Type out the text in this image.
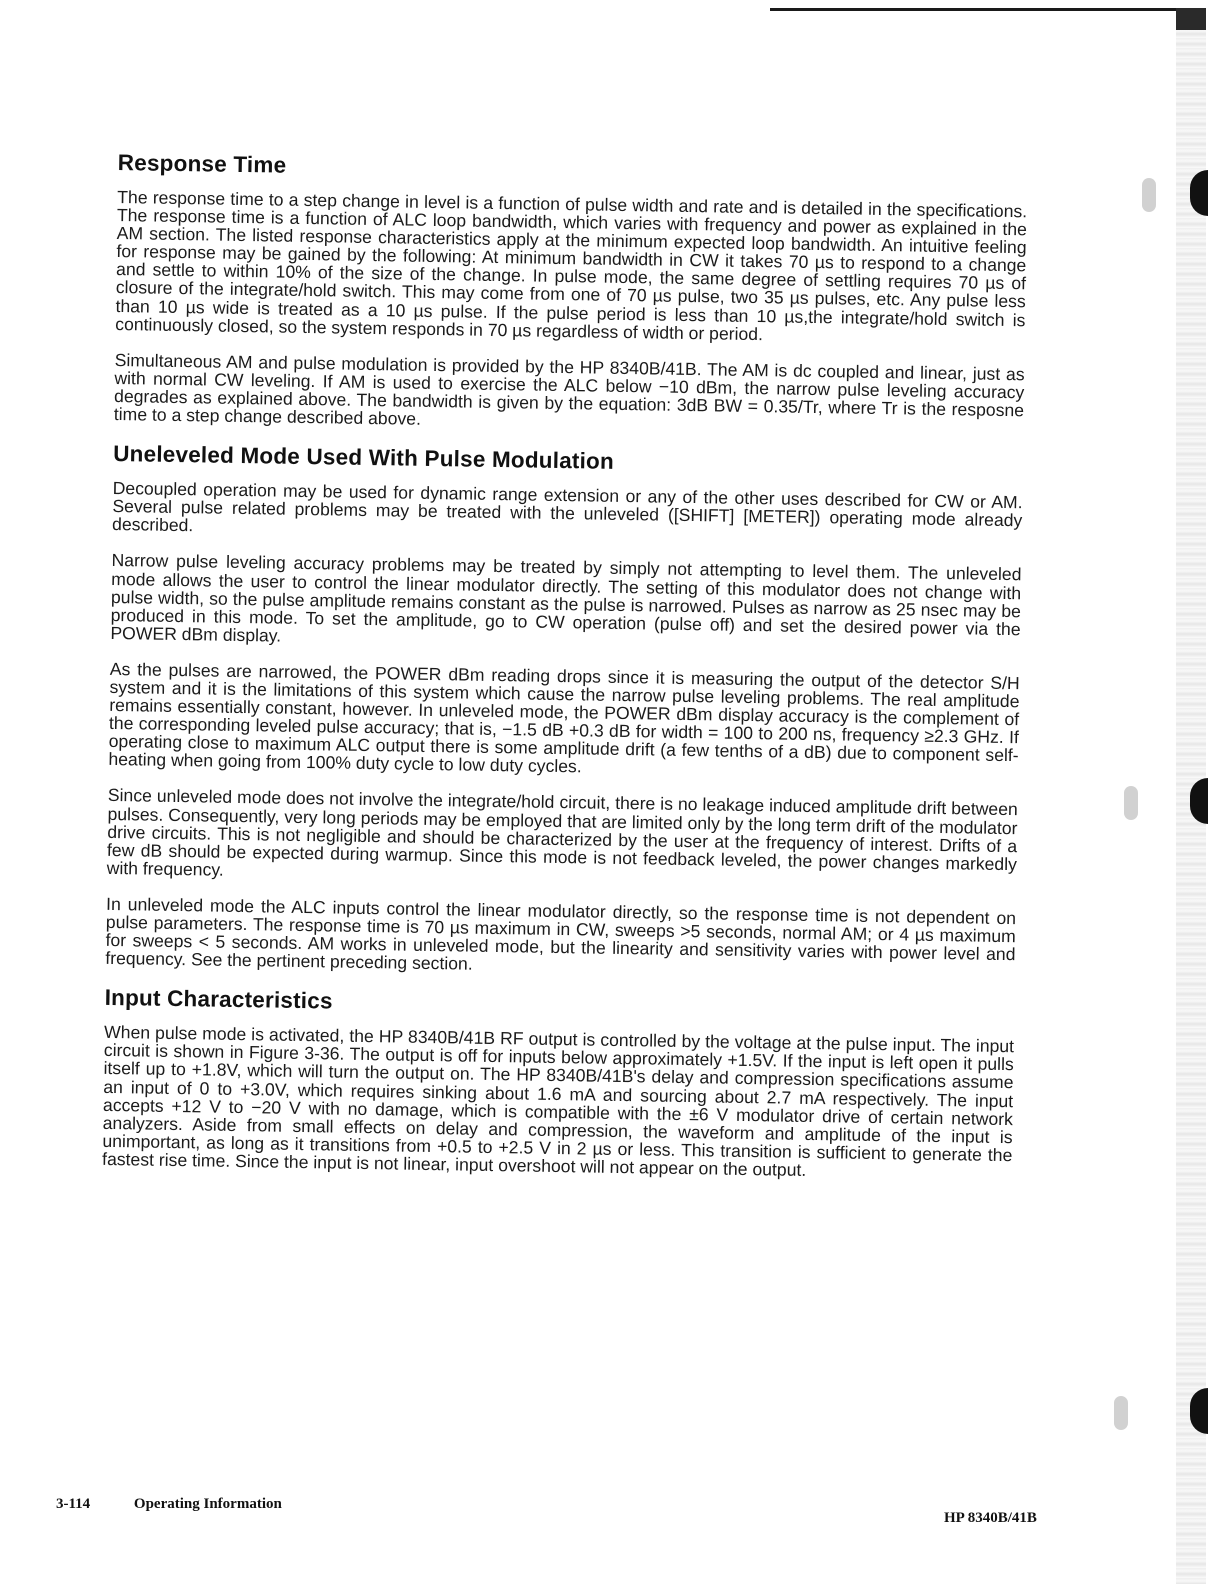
Response Time

The response time to a step change in level is a function of pulse width and rate and is detailed in the specifications. The response time is a function of ALC loop bandwidth, which varies with frequency and power as explained in the AM section. The listed response characteristics apply at the minimum expected loop bandwidth. An intuitive feeling for response may be gained by the following: At minimum bandwidth in CW it takes 70 µs to respond to a change and settle to within 10% of the size of the change. In pulse mode, the same degree of settling requires 70 µs of closure of the integrate/hold switch. This may come from one of 70 µs pulse, two 35 µs pulses, etc. Any pulse less than 10 µs wide is treated as a 10 µs pulse. If the pulse period is less than 10 µs,the integrate/hold switch is continuously closed, so the system responds in 70 µs regardless of width or period.

Simultaneous AM and pulse modulation is provided by the HP 8340B/41B. The AM is dc coupled and linear, just as with normal CW leveling. If AM is used to exercise the ALC below −10 dBm, the narrow pulse leveling accuracy degrades as explained above. The bandwidth is given by the equation: 3dB BW = 0.35/Tr, where Tr is the resposne time to a step change described above.

Uneleveled Mode Used With Pulse Modulation

Decoupled operation may be used for dynamic range extension or any of the other uses described for CW or AM. Several pulse related problems may be treated with the unleveled ([SHIFT] [METER]) operating mode already described.

Narrow pulse leveling accuracy problems may be treated by simply not attempting to level them. The unleveled mode allows the user to control the linear modulator directly. The setting of this modulator does not change with pulse width, so the pulse amplitude remains constant as the pulse is narrowed. Pulses as narrow as 25 nsec may be produced in this mode. To set the amplitude, go to CW operation (pulse off) and set the desired power via the POWER dBm display.

As the pulses are narrowed, the POWER dBm reading drops since it is measuring the output of the detector S/H system and it is the limitations of this system which cause the narrow pulse leveling problems. The real amplitude remains essentially constant, however. In unleveled mode, the POWER dBm display accuracy is the complement of the corresponding leveled pulse accuracy; that is, −1.5 dB +0.3 dB for width = 100 to 200 ns, frequency ≥2.3 GHz. If operating close to maximum ALC output there is some amplitude drift (a few tenths of a dB) due to component self-heating when going from 100% duty cycle to low duty cycles.

Since unleveled mode does not involve the integrate/hold circuit, there is no leakage induced amplitude drift between pulses. Consequently, very long periods may be employed that are limited only by the long term drift of the modulator drive circuits. This is not negligible and should be characterized by the user at the frequency of interest. Drifts of a few dB should be expected during warmup. Since this mode is not feedback leveled, the power changes markedly with frequency.

In unleveled mode the ALC inputs control the linear modulator directly, so the response time is not dependent on pulse parameters. The response time is 70 µs maximum in CW, sweeps >5 seconds, normal AM; or 4 µs maximum for sweeps < 5 seconds. AM works in unleveled mode, but the linearity and sensitivity varies with power level and frequency. See the pertinent preceding section.

Input Characteristics

When pulse mode is activated, the HP 8340B/41B RF output is controlled by the voltage at the pulse input. The input circuit is shown in Figure 3-36. The output is off for inputs below approximately +1.5V. If the input is left open it pulls itself up to +1.8V, which will turn the output on. The HP 8340B/41B's delay and compression specifications assume an input of 0 to +3.0V, which requires sinking about 1.6 mA and sourcing about 2.7 mA respectively. The input accepts +12 V to −20 V with no damage, which is compatible with the ±6 V modulator drive of certain network analyzers. Aside from small effects on delay and compression, the waveform and amplitude of the input is unimportant, as long as it transitions from +0.5 to +2.5 V in 2 µs or less. This transition is sufficient to generate the fastest rise time. Since the input is not linear, input overshoot will not appear on the output.

3-114	Operating Information
HP 8340B/41B
